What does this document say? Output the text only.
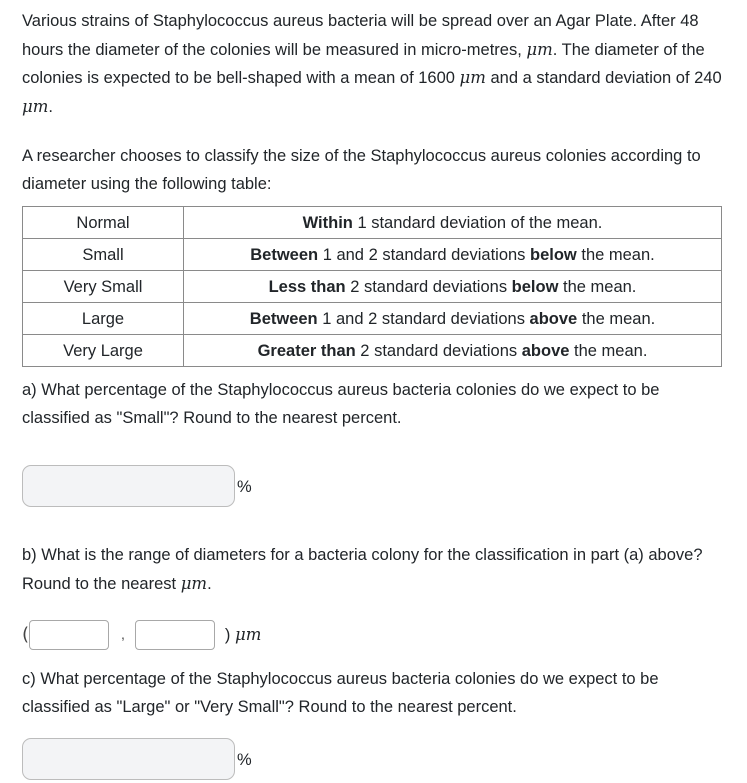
Various strains of Staphylococcus aureus bacteria will be spread over an Agar Plate. After 48 hours the diameter of the colonies will be measured in micro-metres, μm. The diameter of the colonies is expected to be bell-shaped with a mean of 1600 μm and a standard deviation of 240 μm.

A researcher chooses to classify the size of the Staphylococcus aureus colonies according to diameter using the following table:

Normal	Within 1 standard deviation of the mean.
Small	Between 1 and 2 standard deviations below the mean.
Very Small	Less than 2 standard deviations below the mean.
Large	Between 1 and 2 standard deviations above the mean.
Very Large	Greater than 2 standard deviations above the mean.

a) What percentage of the Staphylococcus aureus bacteria colonies do we expect to be classified as "Small"? Round to the nearest percent.

%

b) What is the range of diameters for a bacteria colony for the classification in part (a) above? Round to the nearest μm.

(	,	) μm

c) What percentage of the Staphylococcus aureus bacteria colonies do we expect to be classified as "Large" or "Very Small"? Round to the nearest percent.

%
